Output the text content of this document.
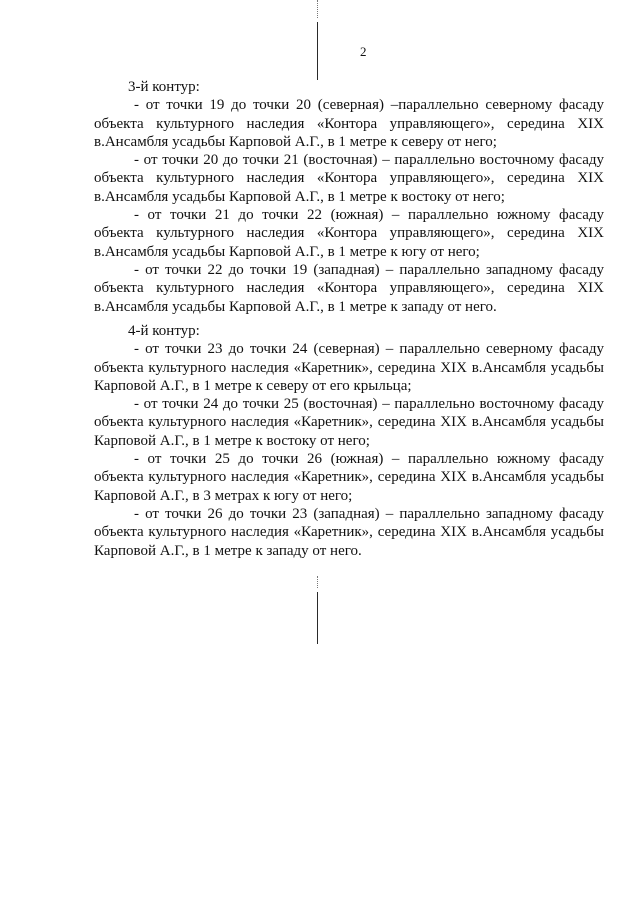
2

3-й контур:

- от точки 19 до точки 20 (северная) –параллельно северному фасаду объекта культурного наследия «Контора управляющего», середина XIX в.Ансамбля усадьбы Карповой А.Г., в 1 метре к северу от него;

- от точки 20 до точки 21 (восточная) – параллельно восточному фасаду объекта культурного наследия «Контора управляющего», середина XIX в.Ансамбля усадьбы Карповой А.Г., в 1 метре к востоку от него;

- от точки 21 до точки 22 (южная) – параллельно южному фасаду объекта культурного наследия «Контора управляющего», середина XIX в.Ансамбля усадьбы Карповой А.Г., в 1 метре к югу от него;

- от точки 22 до точки 19 (западная) – параллельно западному фасаду объекта культурного наследия «Контора управляющего», середина XIX в.Ансамбля усадьбы Карповой А.Г., в 1 метре к западу от него.

4-й контур:

- от точки 23 до точки 24 (северная) – параллельно северному фасаду объекта культурного наследия «Каретник», середина XIX в.Ансамбля усадьбы Карповой А.Г., в 1 метре к северу от его крыльца;

- от точки 24 до точки 25 (восточная) – параллельно восточному фасаду объекта культурного наследия «Каретник», середина XIX в.Ансамбля усадьбы Карповой А.Г., в 1 метре к востоку от него;

- от точки 25 до точки 26 (южная) – параллельно южному фасаду объекта культурного наследия «Каретник», середина XIX в.Ансамбля усадьбы Карповой А.Г., в 3 метрах к югу от него;

- от точки 26 до точки 23 (западная) – параллельно западному фасаду объекта культурного наследия «Каретник», середина XIX в.Ансамбля усадьбы Карповой А.Г., в 1 метре к западу от него.
